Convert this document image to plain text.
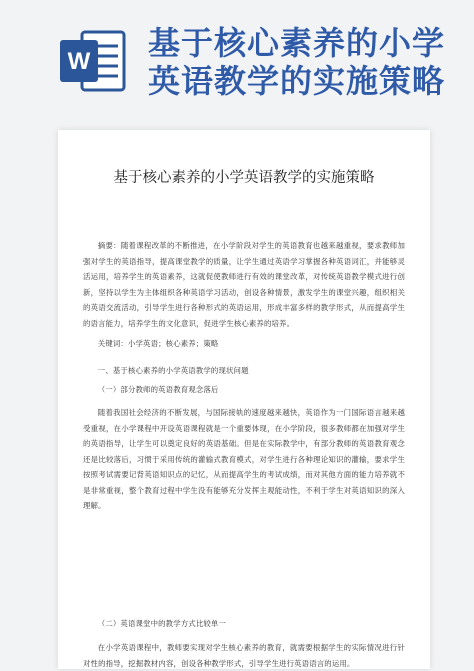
W 基于核心素养的小学英语教学的实施策略
基于核心素养的小学英语教学的实施策略
摘要：随着课程改革的不断推进，在小学阶段对学生的英语教育也越来越重视，要求教师加强对学生的英语指导，提高课堂教学的质量，让学生通过英语学习掌握各种英语词汇，并能够灵活运用，培养学生的英语素养，这就促使教师进行有效的课堂改革，对传统英语教学模式进行创新，坚持以学生为主体组织各种英语学习活动，创设各种情景，激发学生的课堂兴趣，组织相关的英语交流活动，引导学生进行各种形式的英语运用，形成丰富多样的教学形式，从而提高学生的语言能力，培养学生的文化意识，促进学生核心素养的培养。
关键词：小学英语；核心素养；策略
一、基于核心素养的小学英语教学的现状问题
（一）部分教师的英语教育观念落后
随着我国社会经济的不断发展，与国际接轨的速度越来越快，英语作为一门国际语言越来越受重视，在小学课程中开设英语课程就是一个重要体现，在小学阶段，很多教师都在加强对学生的英语指导，让学生可以奠定良好的英语基础。但是在实际教学中，有部分教师的英语教育观念还是比较落后，习惯于采用传统的灌输式教育模式，对学生进行各种理论知识的灌输，要求学生按照考试需要记背英语知识点的记忆，从而提高学生的考试成绩，而对其他方面的能力培养就不是非常重视，整个教育过程中学生没有能够充分发挥主观能动性，不利于学生对英语知识的深入理解。
（二）英语课堂中的教学方式比较单一
在小学英语课程中，教师要实现对学生核心素养的教育，就需要根据学生的实际情况进行针对性的指导，挖掘教材内容，创设各种教学形式，引导学生进行英语语言的运用。
